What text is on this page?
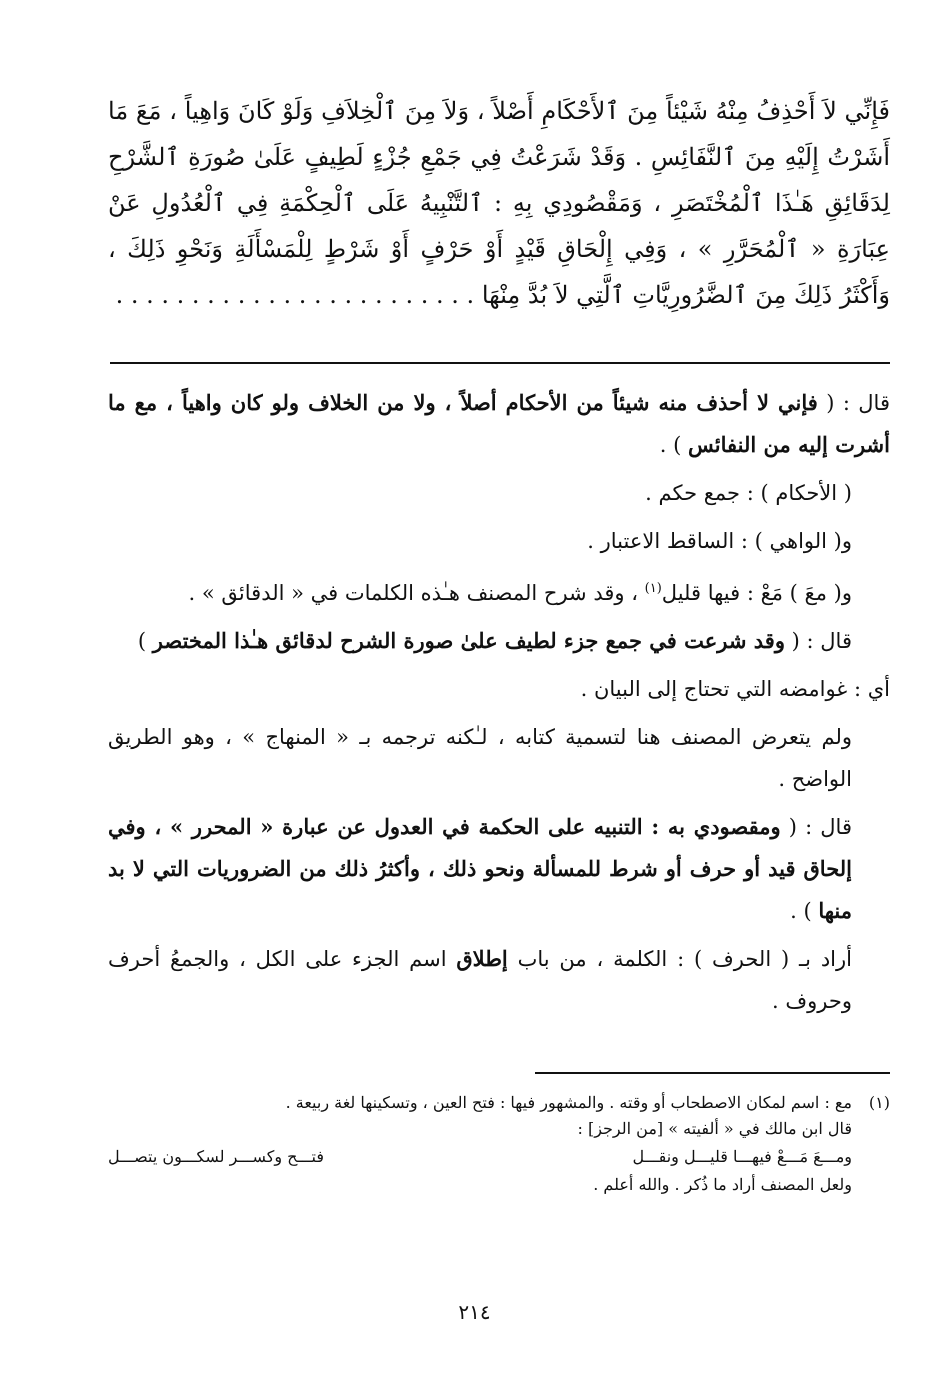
فَإِنِّي لاَ أَحْذِفُ مِنْهُ شَيْئاً مِنَ ٱلأَحْكَامِ أَصْلاً ، وَلاَ مِنَ ٱلْخِلاَفِ وَلَوْ كَانَ وَاهِياً ، مَعَ مَا أَشَرْتُ إِلَيْهِ مِنَ ٱلنَّفَائِسِ . وَقَدْ شَرَعْتُ فِي جَمْعِ جُزْءٍ لَطِيفٍ عَلَىٰ صُورَةِ ٱلشَّرْحِ لِدَقَائِقِ هَـٰذَا ٱلْمُخْتَصَرِ ، وَمَقْصُودِي بِهِ : ٱلتَّنْبِيهُ عَلَى ٱلْحِكْمَةِ فِي ٱلْعُدُولِ عَنْ عِبَارَةِ « ٱلْمُحَرَّرِ » ، وَفِي إِلْحَاقِ قَيْدٍ أَوْ حَرْفٍ أَوْ شَرْطٍ لِلْمَسْأَلَةِ وَنَحْوِ ذَلِكَ ، وَأَكْثَرُ ذَلِكَ مِنَ ٱلضَّرُورِيَّاتِ ٱلَّتِي لاَ بُدَّ مِنْهَا . . . . . . . . . . . . . . . . . . . . . . . .

قال : ( فإني لا أحذف منه شيئاً من الأحكام أصلاً ، ولا من الخلاف ولو كان واهياً ، مع ما أشرت إليه من النفائس ) .

( الأحكام ) : جمع حكم .

و( الواهي ) : الساقط الاعتبار .

و( معَ ) مَعْ : فيها قليل$^{(١)}$ ، وقد شرح المصنف هـٰذه الكلمات في « الدقائق » .

قال : ( وقد شرعت في جمع جزء لطيف علىٰ صورة الشرح لدقائق هـٰذا المختصر )

أي : غوامضه التي تحتاج إلى البيان .

ولم يتعرض المصنف هنا لتسمية كتابه ، لـٰكنه ترجمه بـ « المنهاج » ، وهو الطريق الواضح .

قال : ( ومقصودي به : التنبيه على الحكمة في العدول عن عبارة « المحرر » ، وفي إلحاق قيد أو حرف أو شرط للمسألة ونحو ذلك ، وأكثرُ ذلك من الضروريات التي لا بد منها ) .

أراد بـ ( الحرف ) : الكلمة ، من باب إطلاق اسم الجزء على الكل ، والجمعُ أحرف وحروف .

(١)مع : اسم لمكان الاصطحاب أو وقته . والمشهور فيها : فتح العين ، وتسكينها لغة ربيعة .

قال ابن مالك في « ألفيته » [من الرجز] :

ومـــعَ مَـــعْ فيهـــا قليـــل ونقـــل
فتـــح وكســـر لسكـــون يتصـــل

ولعل المصنف أراد ما ذُكر . والله أعلم .

٢١٤
